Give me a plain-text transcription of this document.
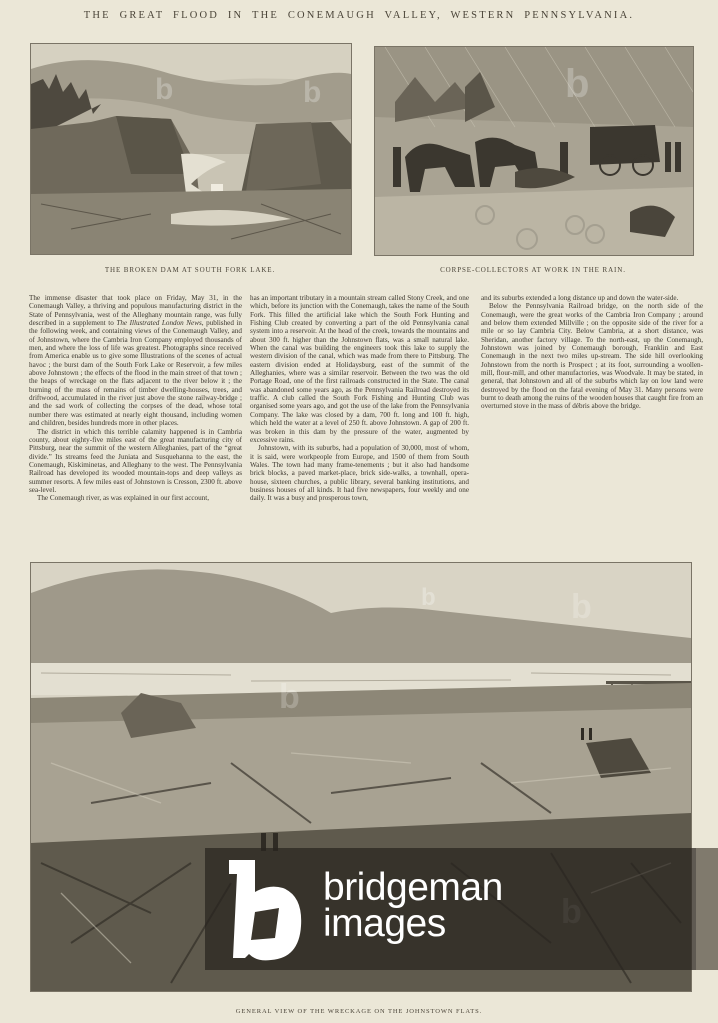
THE GREAT FLOOD IN THE CONEMAUGH VALLEY, WESTERN PENNSYLVANIA.
b	b
THE BROKEN DAM AT SOUTH FORK LAKE.
b
CORPSE-COLLECTORS AT WORK IN THE RAIN.

The immense disaster that took place on Friday, May 31, in the Conemaugh Valley, a thriving and populous manufacturing district in the State of Pennsylvania, west of the Alleghany mountain range, was fully described in a supplement to The Illustrated London News, published in the following week, and containing views of the Conemaugh Valley, and of Johnstown, where the Cambria Iron Company employed thousands of men, and where the loss of life was greatest. Photographs since received from America enable us to give some Illustrations of the scenes of actual havoc ; the burst dam of the South Fork Lake or Reservoir, a few miles above Johnstown ; the effects of the flood in the main street of that town ; the heaps of wreckage on the flats adjacent to the river below it ; the burning of the mass of remains of timber dwelling-houses, trees, and driftwood, accumulated in the river just above the stone railway-bridge ; and the sad work of collecting the corpses of the dead, whose total number there was estimated at nearly eight thousand, including women and children, besides hundreds more in other places.

The district in which this terrible calamity happened is in Cambria county, about eighty-five miles east of the great manufacturing city of Pittsburg, near the summit of the western Alleghanies, part of the “great divide.” Its streams feed the Juniata and Susquehanna to the east, the Conemaugh, Kiskiminetas, and Alleghany to the west. The Pennsylvania Railroad has developed its wooded mountain-tops and deep valleys as summer resorts. A few miles east of Johnstown is Cresson, 2300 ft. above sea-level.

The Conemaugh river, as was explained in our first account,

has an important tributary in a mountain stream called Stony Creek, and one which, before its junction with the Conemaugh, takes the name of the South Fork. This filled the artificial lake which the South Fork Hunting and Fishing Club created by converting a part of the old Pennsylvania canal system into a reservoir. At the head of the creek, towards the mountains and about 300 ft. higher than the Johnstown flats, was a small natural lake. When the canal was building the engineers took this lake to supply the western division of the canal, which was made from there to Pittsburg. The eastern division ended at Holidaysburg, east of the summit of the Alleghanies, where was a similar reservoir. Between the two was the old Portage Road, one of the first railroads constructed in the State. The canal was abandoned some years ago, as the Pennsylvania Railroad destroyed its traffic. A club called the South Fork Fishing and Hunting Club was organised some years ago, and got the use of the lake from the Pennsylvania Company. The lake was closed by a dam, 700 ft. long and 100 ft. high, which held the water at a level of 250 ft. above Johnstown. A gap of 200 ft. was broken in this dam by the pressure of the water, augmented by excessive rains.

Johnstown, with its suburbs, had a population of 30,000, most of whom, it is said, were workpeople from Europe, and 1500 of them from South Wales. The town had many frame-tenements ; but it also had handsome brick blocks, a paved market-place, brick side-walks, a townhall, opera-house, sixteen churches, a public library, several banking institutions, and business houses of all kinds. It had five newspapers, four weekly and one daily. It was a busy and prosperous town,

and its suburbs extended a long distance up and down the water-side.

Below the Pennsylvania Railroad bridge, on the north side of the Conemaugh, were the great works of the Cambria Iron Company ; around and below them extended Millville ; on the opposite side of the river for a mile or so lay Cambria City. Below Cambria, at a short distance, was Sheridan, another factory village. To the north-east, up the Conemaugh, Johnstown was joined by Conemaugh borough, Franklin and East Conemaugh in the next two miles up-stream. The side hill overlooking Johnstown from the north is Prospect ; at its foot, surrounding a woollen-mill, flour-mill, and other manufactories, was Woodvale. It may be stated, in general, that Johnstown and all of the suburbs which lay on low land were destroyed by the flood on the fatal evening of May 31. Many persons were burnt to death among the ruins of the wooden houses that caught fire from an overturned stove in the mass of débris above the bridge.

b
b	b
bridgeman
images
GENERAL VIEW OF THE WRECKAGE ON THE JOHNSTOWN FLATS.
